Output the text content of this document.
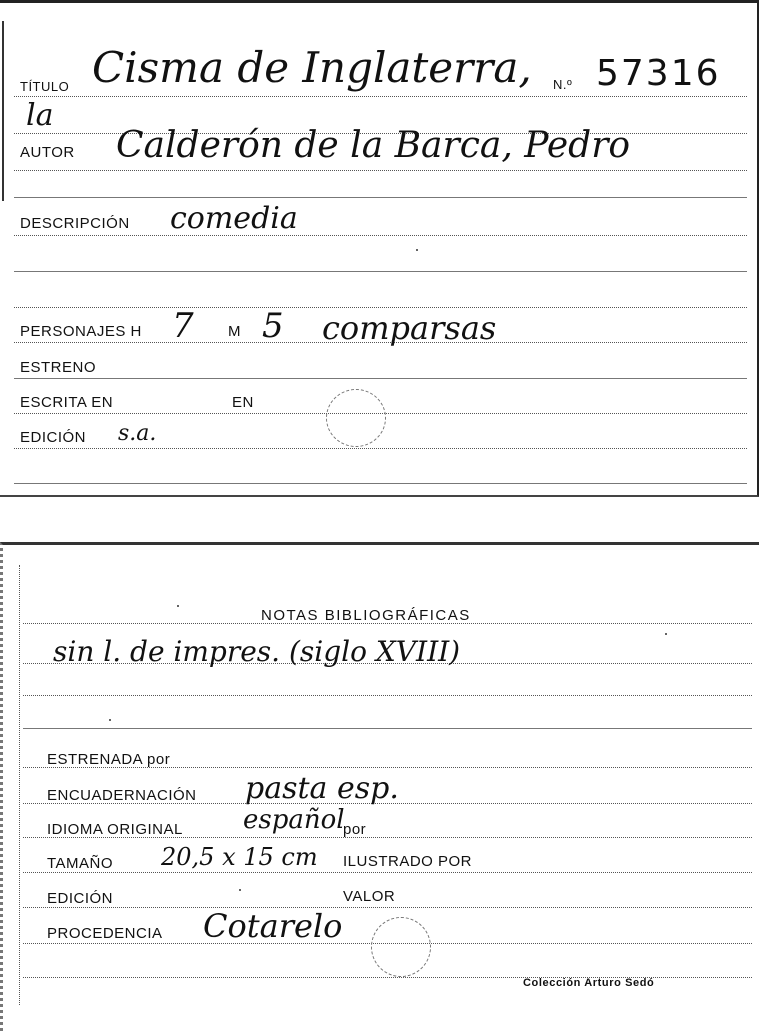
TÍTULO Cisma de Inglaterra, N.º 57316
la
AUTOR Calderón de la Barca, Pedro
DESCRIPCIÓN comedia
PERSONAJES H 7 M 5 comparsas
ESTRENO
ESCRITA EN	EN
EDICIÓN s.a.
NOTAS BIBLIOGRÁFICAS
sin l. de impres. (siglo XVIII)
ESTRENADA por
ENCUADERNACIÓN pasta esp.
IDIOMA ORIGINAL español
por
TAMAÑO 20,5 x 15 cm ILUSTRADO POR
EDICIÓN	VALOR
PROCEDENCIA Cotarelo
Colección Arturo Sedó
